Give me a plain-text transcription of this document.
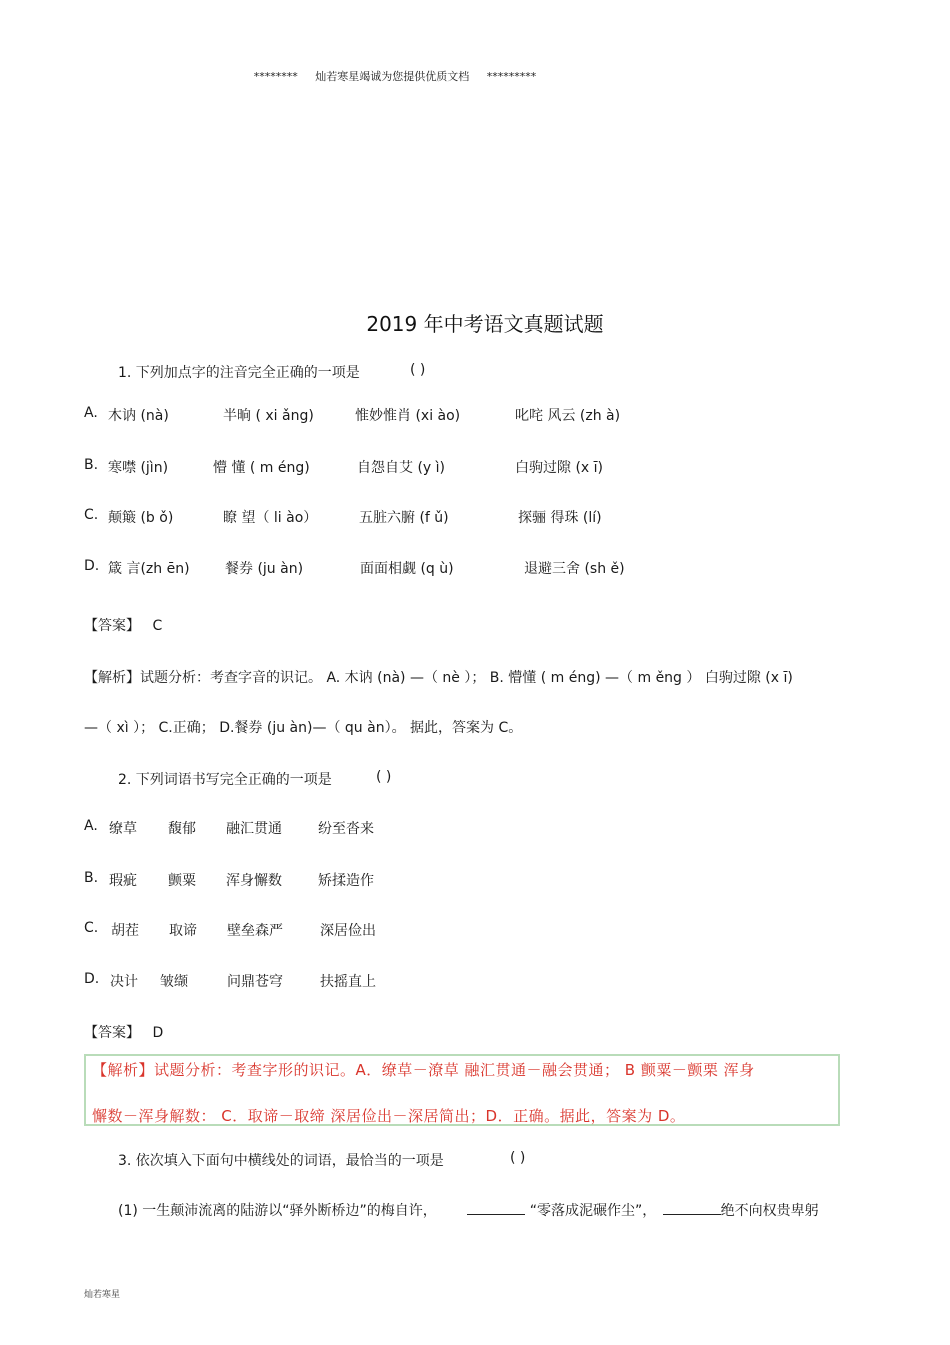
******** 灿若寒星竭诚为您提供优质文档 *********
2019 年中考语文真题试题
1. 下列加点字的注音完全正确的一项是	( )
A. 木讷 (nà)	半晌 ( xi ǎng)	惟妙惟肖 (xi ào)	叱咤 风云 (zh à)
B. 寒噤 (jìn)	懵 懂 ( m éng)	自怨自艾 (y ì)	白驹过隙 (x ī)
C. 颠簸 (b ǒ)	瞭 望（ li ào）	五脏六腑 (f ǔ)	探骊 得珠 (lí)
D. 箴 言(zh ēn)	餐券 (ju àn)	面面相觑 (q ù)	退避三舍 (sh ě)
【答案】 C
【解析】试题分析：考查字音的识记。 A. 木讷 (nà) —（ nè ）； B. 懵懂 ( m éng) —（ m ěng ） 白驹过隙 (x ī)
—（ xì ）； C.正确； D.餐券 (ju àn)—（ qu àn）。 据此，答案为 C。
2. 下列词语书写完全正确的一项是	( )
A. 缭草 馥郁 融汇贯通	纷至沓来
B. 瑕疵 颤粟 浑身懈数	矫揉造作
C. 胡茬 取谛 壁垒森严	深居俭出
D. 决计 皱缬	问鼎苍穹	扶摇直上
【答案】 D
【解析】试题分析：考查字形的识记。A．缭草－潦草 融汇贯通－融会贯通； B 颤粟－颤栗 浑身
懈数－浑身解数： C．取谛－取缔 深居俭出－深居简出；D．正确。据此，答案为 D。
3. 依次填入下面句中横线处的词语，最恰当的一项是	( )
(1) 一生颠沛流离的陆游以“驿外断桥边”的梅自许，	“零落成泥碾作尘”，	绝不向权贵卑躬
灿若寒星
